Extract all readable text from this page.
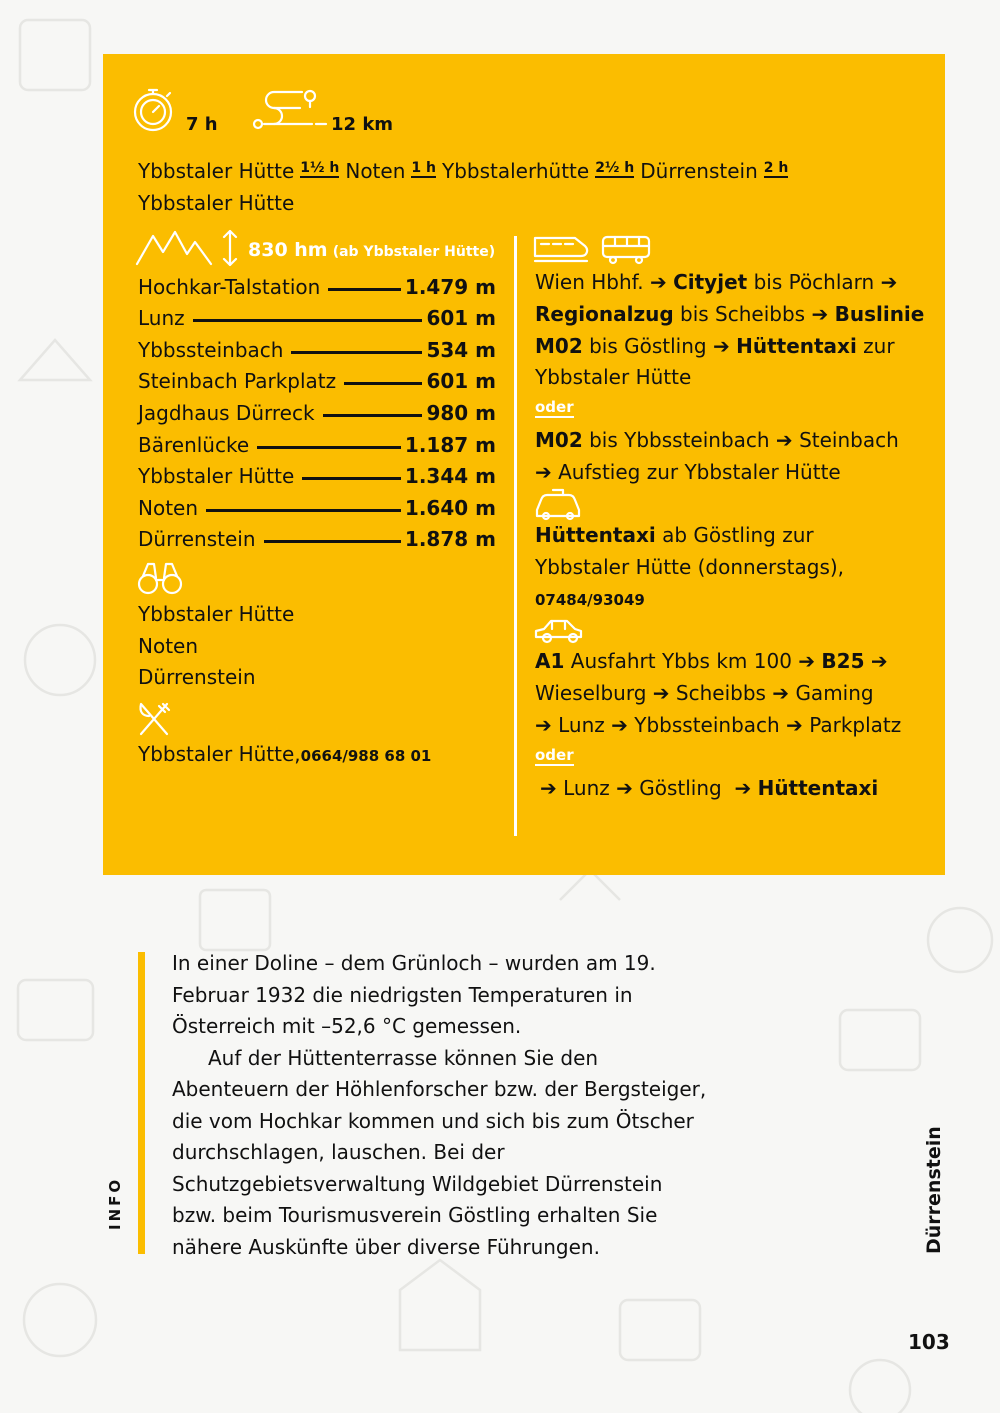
7 h	12 km
Ybbstaler Hütte 1½ h Noten 1 h Ybbstalerhütte 2½ h Dürrenstein 2 h
Ybbstaler Hütte
830 hm (ab Ybbstaler Hütte)
Hochkar-Talstation	1.479 m
Lunz	601 m
Ybbssteinbach	534 m
Steinbach Parkplatz	601 m
Jagdhaus Dürreck	980 m
Bärenlücke	1.187 m
Ybbstaler Hütte	1.344 m
Noten	1.640 m
Dürrenstein	1.878 m
Ybbstaler Hütte
Noten
Dürrenstein
Ybbstaler Hütte,0664/988 68 01
Wien Hbhf. ➔ Cityjet bis Pöchlarn ➔
Regionalzug bis Scheibbs ➔ Buslinie
M02 bis Göstling ➔ Hüttentaxi zur
Ybbstaler Hütte
oder
M02 bis Ybbssteinbach ➔ Steinbach
➔ Aufstieg zur Ybbstaler Hütte
Hüttentaxi ab Göstling zur
Ybbstaler Hütte (donnerstags),
07484/93049
A1 Ausfahrt Ybbs km 100 ➔ B25 ➔
Wieselburg ➔ Scheibbs ➔ Gaming
➔ Lunz ➔ Ybbssteinbach ➔ Parkplatz
oder
➔ Lunz ➔ Göstling  ➔ Hüttentaxi
INFO

In einer Doline – dem Grünloch – wurden am 19. Februar 1932 die niedrigsten Temperaturen in Österreich mit –52,6 °C gemessen.

Auf der Hüttenterrasse können Sie den Abenteuern der Höhlenforscher bzw. der Bergsteiger, die vom Hochkar kommen und sich bis zum Ötscher durchschlagen, lauschen. Bei der Schutzgebietsverwaltung Wildgebiet Dürrenstein bzw. beim Tourismusverein Göstling erhalten Sie nähere Auskünfte über diverse Führungen.	Dürrenstein
103
